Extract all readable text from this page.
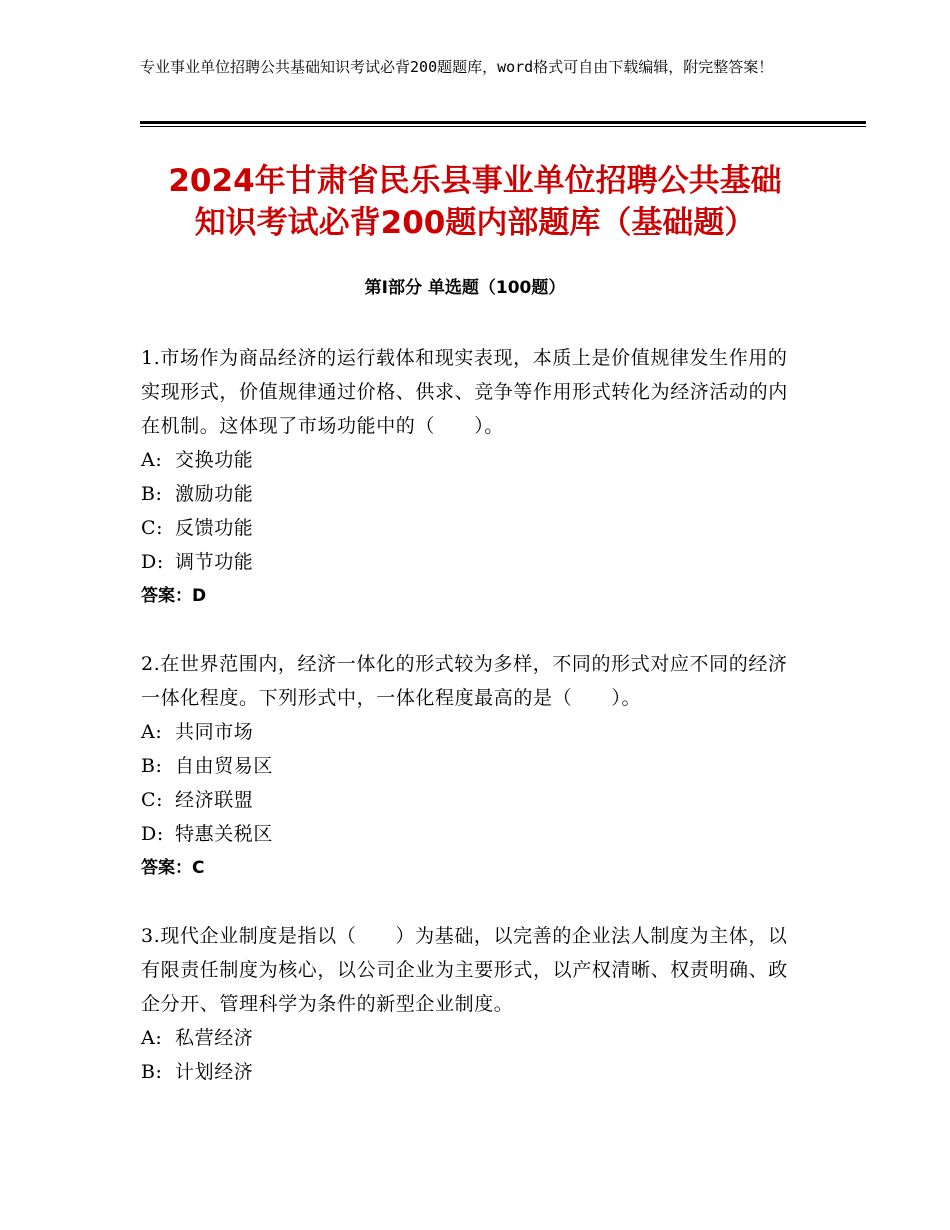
专业事业单位招聘公共基础知识考试必背200题题库，word格式可自由下载编辑，附完整答案！
2024年甘肃省民乐县事业单位招聘公共基础
知识考试必背200题内部题库（基础题）
第Ⅰ部分 单选题（100题）
1.市场作为商品经济的运行载体和现实表现，本质上是价值规律发生作用的实现形式，价值规律通过价格、供求、竞争等作用形式转化为经济活动的内在机制。这体现了市场功能中的（　　）。
A: 交换功能
B: 激励功能
C: 反馈功能
D: 调节功能
答案：D
2.在世界范围内，经济一体化的形式较为多样，不同的形式对应不同的经济一体化程度。下列形式中，一体化程度最高的是（　　）。
A: 共同市场
B: 自由贸易区
C: 经济联盟
D: 特惠关税区
答案：C
3.现代企业制度是指以（　　）为基础，以完善的企业法人制度为主体，以有限责任制度为核心，以公司企业为主要形式，以产权清晰、权责明确、政企分开、管理科学为条件的新型企业制度。
A: 私营经济
B: 计划经济
